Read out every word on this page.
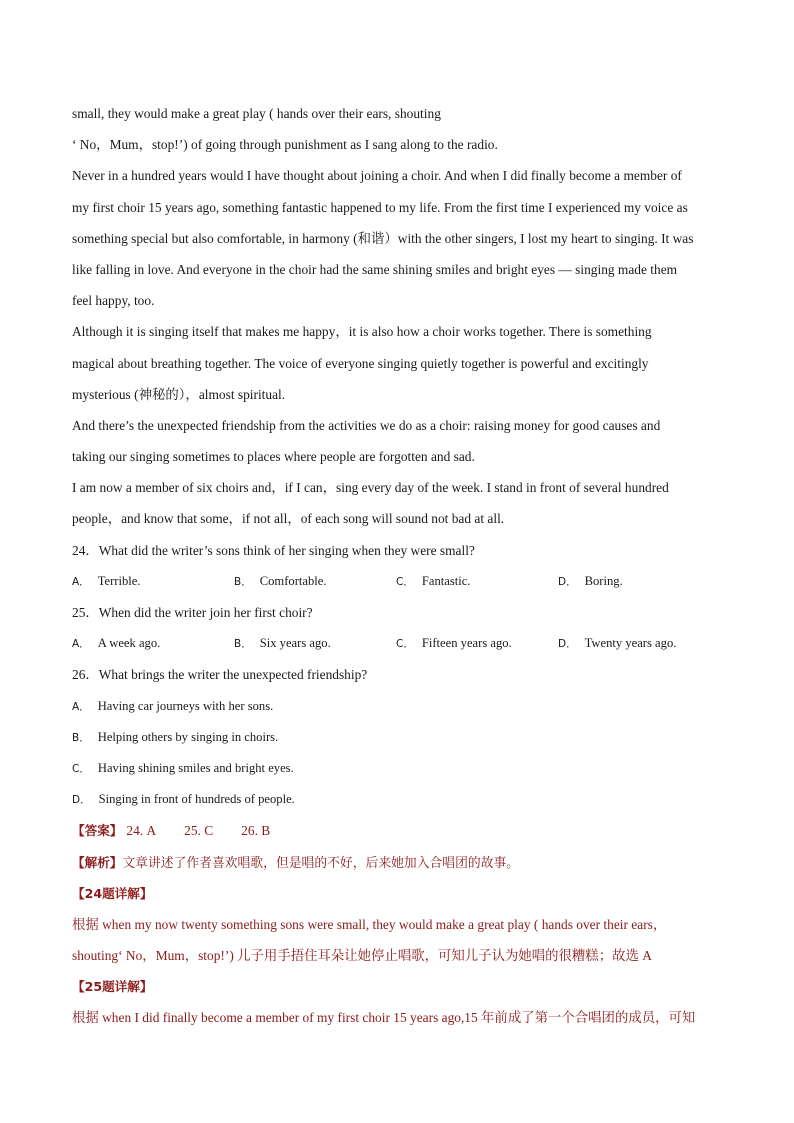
small, they would make a great play ( hands over their ears, shouting
‘ No，Mum，stop!’) of going through punishment as I sang along to the radio.
Never in a hundred years would I have thought about joining a choir. And when I did finally become a member of
my first choir 15 years ago, something fantastic happened to my life. From the first time I experienced my voice as
something special but also comfortable, in harmony (和谐）with the other singers, I lost my heart to singing. It was
like falling in love. And everyone in the choir had the same shining smiles and bright eyes — singing made them
feel happy, too.
Although it is singing itself that makes me happy，it is also how a choir works together. There is something
magical about breathing together. The voice of everyone singing quietly together is powerful and excitingly
mysterious (神秘的），almost spiritual.
And there’s the unexpected friendship from the activities we do as a choir: raising money for good causes and
taking our singing sometimes to places where people are forgotten and sad.
I am now a member of six choirs and，if I can，sing every day of the week. I stand in front of several hundred
people，and know that some，if not all，of each song will sound not bad at all.
24．What did the writer’s sons think of her singing when they were small?
A． Terrible.	B． Comfortable.	C． Fantastic.	D． Boring.
25．When did the writer join her first choir?
A． A week ago.	B． Six years ago.	C． Fifteen years ago.	D． Twenty years ago.
26．What brings the writer the unexpected friendship?
A． Having car journeys with her sons.
B． Helping others by singing in choirs.
C． Having shining smiles and bright eyes.
D． Singing in front of hundreds of people.
【答案】 24. A 25. C 26. B
【解析】文章讲述了作者喜欢唱歌，但是唱的不好，后来她加入合唱团的故事。
【24题详解】
根据 when my now twenty something sons were small, they would make a great play ( hands over their ears，
shouting‘ No，Mum，stop!’) 儿子用手捂住耳朵让她停止唱歌，可知儿子认为她唱的很糟糕；故选 A
【25题详解】
根据 when I did finally become a member of my first choir 15 years ago,15 年前成了第一个合唱团的成员，可知
